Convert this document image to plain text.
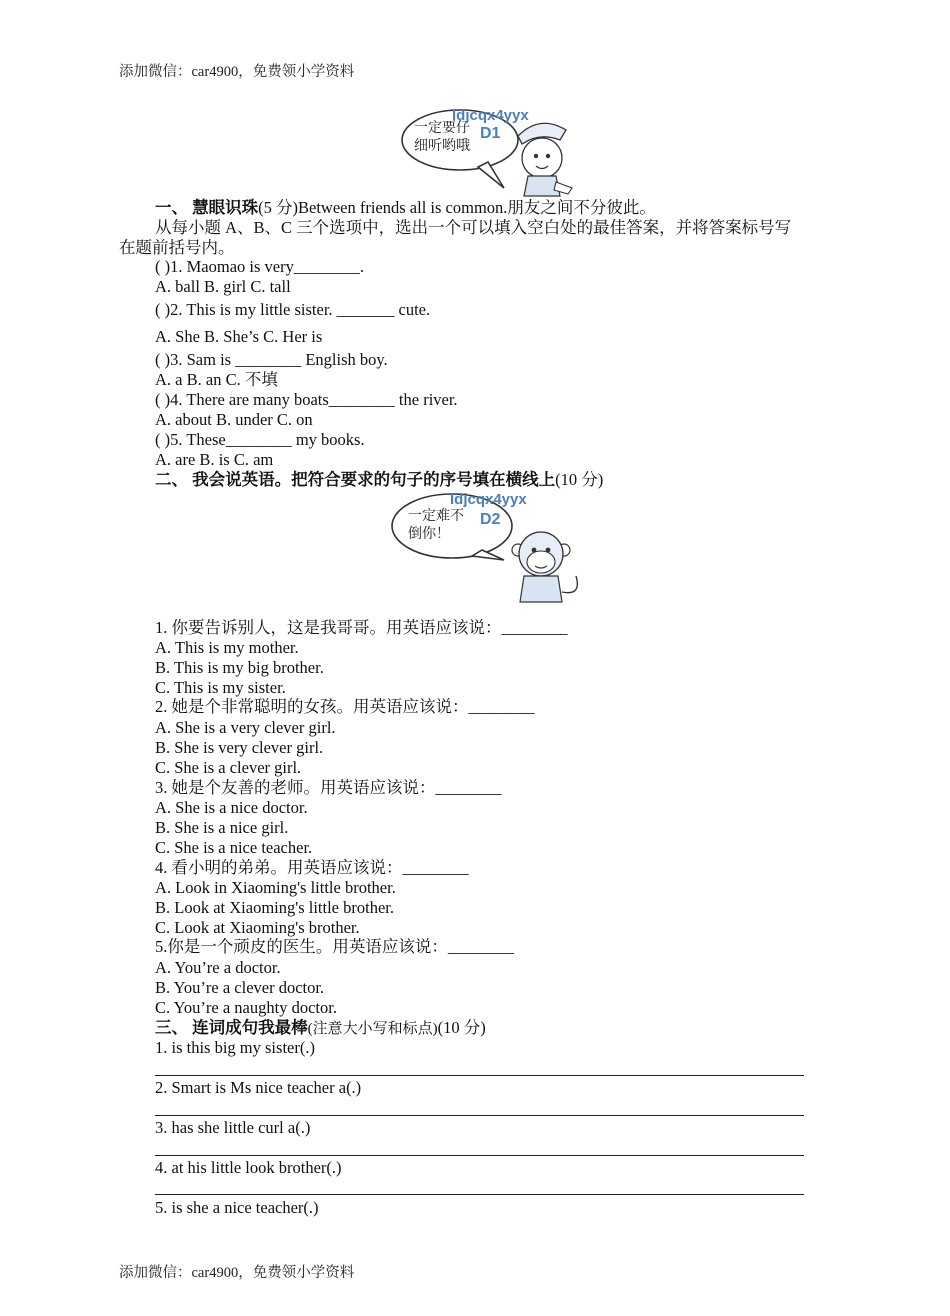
添加微信：car4900，免费领小学资料
一定要仔
细听哟哦
ldjcqx4yyx
D1
一、 慧眼识珠(5 分)Between friends all is common.朋友之间不分彼此。
从每小题 A、B、C 三个选项中，选出一个可以填入空白处的最佳答案，并将答案标号写
在题前括号内。
( )1. Maomao is very________.
A. ball B. girl C. tall
( )2. This is my little sister. _______ cute.
A. She B. She’s C. Her is
( )3. Sam is ________ English boy.
A. a B. an C. 不填
( )4. There are many boats________ the river.
A. about B. under C. on
( )5. These________ my books.
A. are B. is C. am
二、 我会说英语。把符合要求的句子的序号填在横线上(10 分)
一定难不
倒你！
ldjcqx4yyx
D2
1. 你要告诉别人，这是我哥哥。用英语应该说：________
A. This is my mother.
B. This is my big brother.
C. This is my sister.
2. 她是个非常聪明的女孩。用英语应该说：________
A. She is a very clever girl.
B. She is very clever girl.
C. She is a clever girl.
3. 她是个友善的老师。用英语应该说：________
A. She is a nice doctor.
B. She is a nice girl.
C. She is a nice teacher.
4. 看小明的弟弟。用英语应该说：________
A. Look in Xiaoming's little brother.
B. Look at Xiaoming's little brother.
C. Look at Xiaoming's brother.
5.你是一个顽皮的医生。用英语应该说：________
A. You’re a doctor.
B. You’re a clever doctor.
C. You’re a naughty doctor.
三、 连词成句我最棒(注意大小写和标点)(10 分)
1. is this big my sister(.)
2. Smart is Ms nice teacher a(.)
3. has she little curl a(.)
4. at his little look brother(.)
5. is she a nice teacher(.)
添加微信：car4900，免费领小学资料
